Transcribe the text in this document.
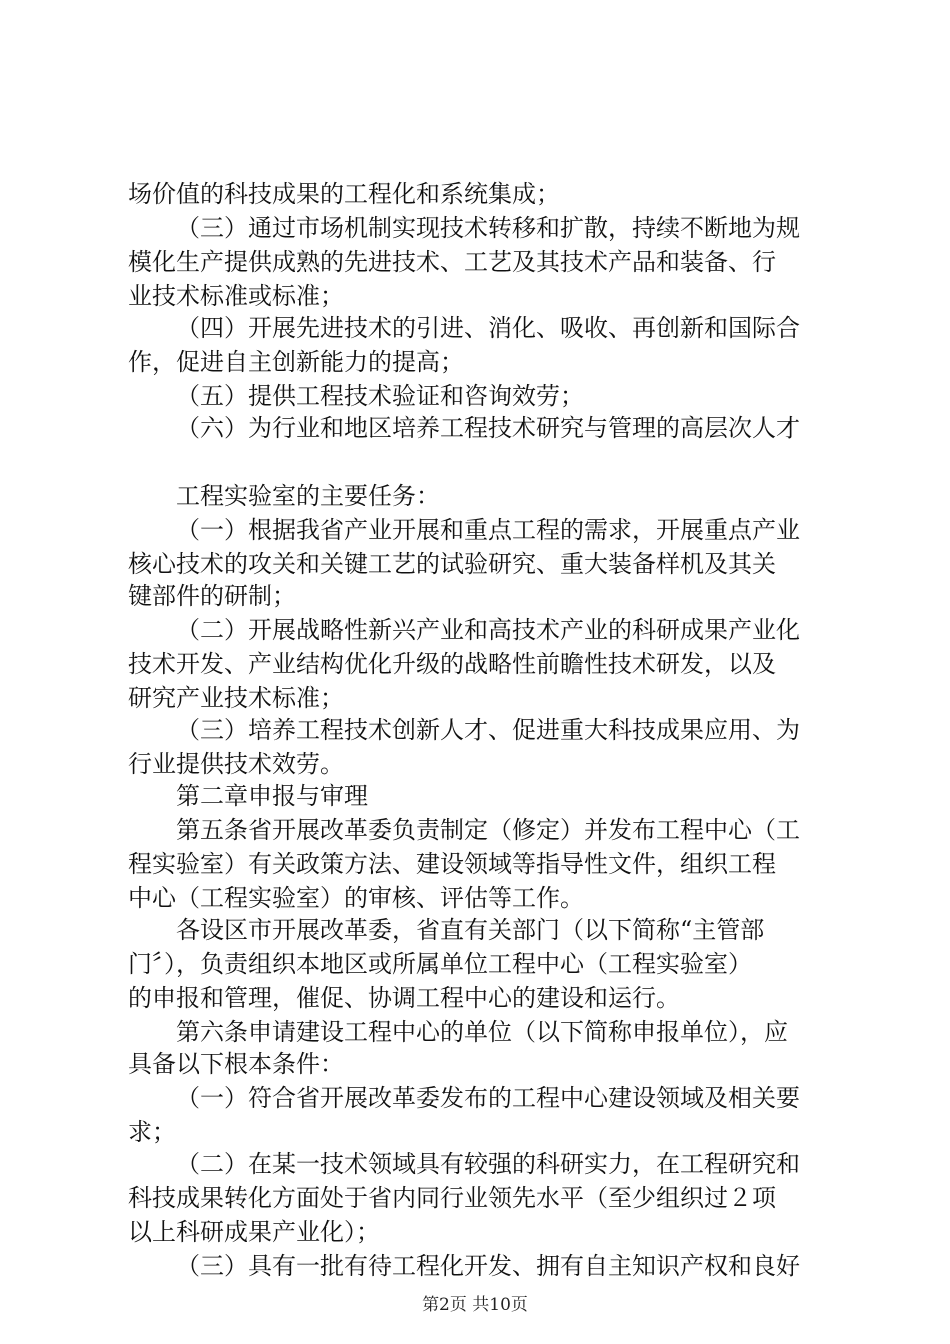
场价值的科技成果的工程化和系统集成；
（三）通过市场机制实现技术转移和扩散，持续不断地为规
模化生产提供成熟的先进技术、工艺及其技术产品和装备、行
业技术标准或标准；
（四）开展先进技术的引进、消化、吸收、再创新和国际合
作，促进自主创新能力的提高；
（五）提供工程技术验证和咨询效劳；
（六）为行业和地区培养工程技术研究与管理的高层次人才
工程实验室的主要任务：
（一）根据我省产业开展和重点工程的需求，开展重点产业
核心技术的攻关和关键工艺的试验研究、重大装备样机及其关
键部件的研制；
（二）开展战略性新兴产业和高技术产业的科研成果产业化
技术开发、产业结构优化升级的战略性前瞻性技术研发，以及
研究产业技术标准；
（三）培养工程技术创新人才、促进重大科技成果应用、为
行业提供技术效劳。
第二章申报与审理
第五条省开展改革委负责制定（修定）并发布工程中心（工
程实验室）有关政策方法、建设领域等指导性文件，组织工程
中心（工程实验室）的审核、评估等工作。
各设区市开展改革委，省直有关部门（以下简称“主管部
门〞），负责组织本地区或所属单位工程中心（工程实验室）
的申报和管理，催促、协调工程中心的建设和运行。
第六条申请建设工程中心的单位（以下简称申报单位），应
具备以下根本条件：
（一）符合省开展改革委发布的工程中心建设领域及相关要
求；
（二）在某一技术领域具有较强的科研实力，在工程研究和
科技成果转化方面处于省内同行业领先水平（至少组织过２项
以上科研成果产业化）；
（三）具有一批有待工程化开发、拥有自主知识产权和良好
第2页 共10页
